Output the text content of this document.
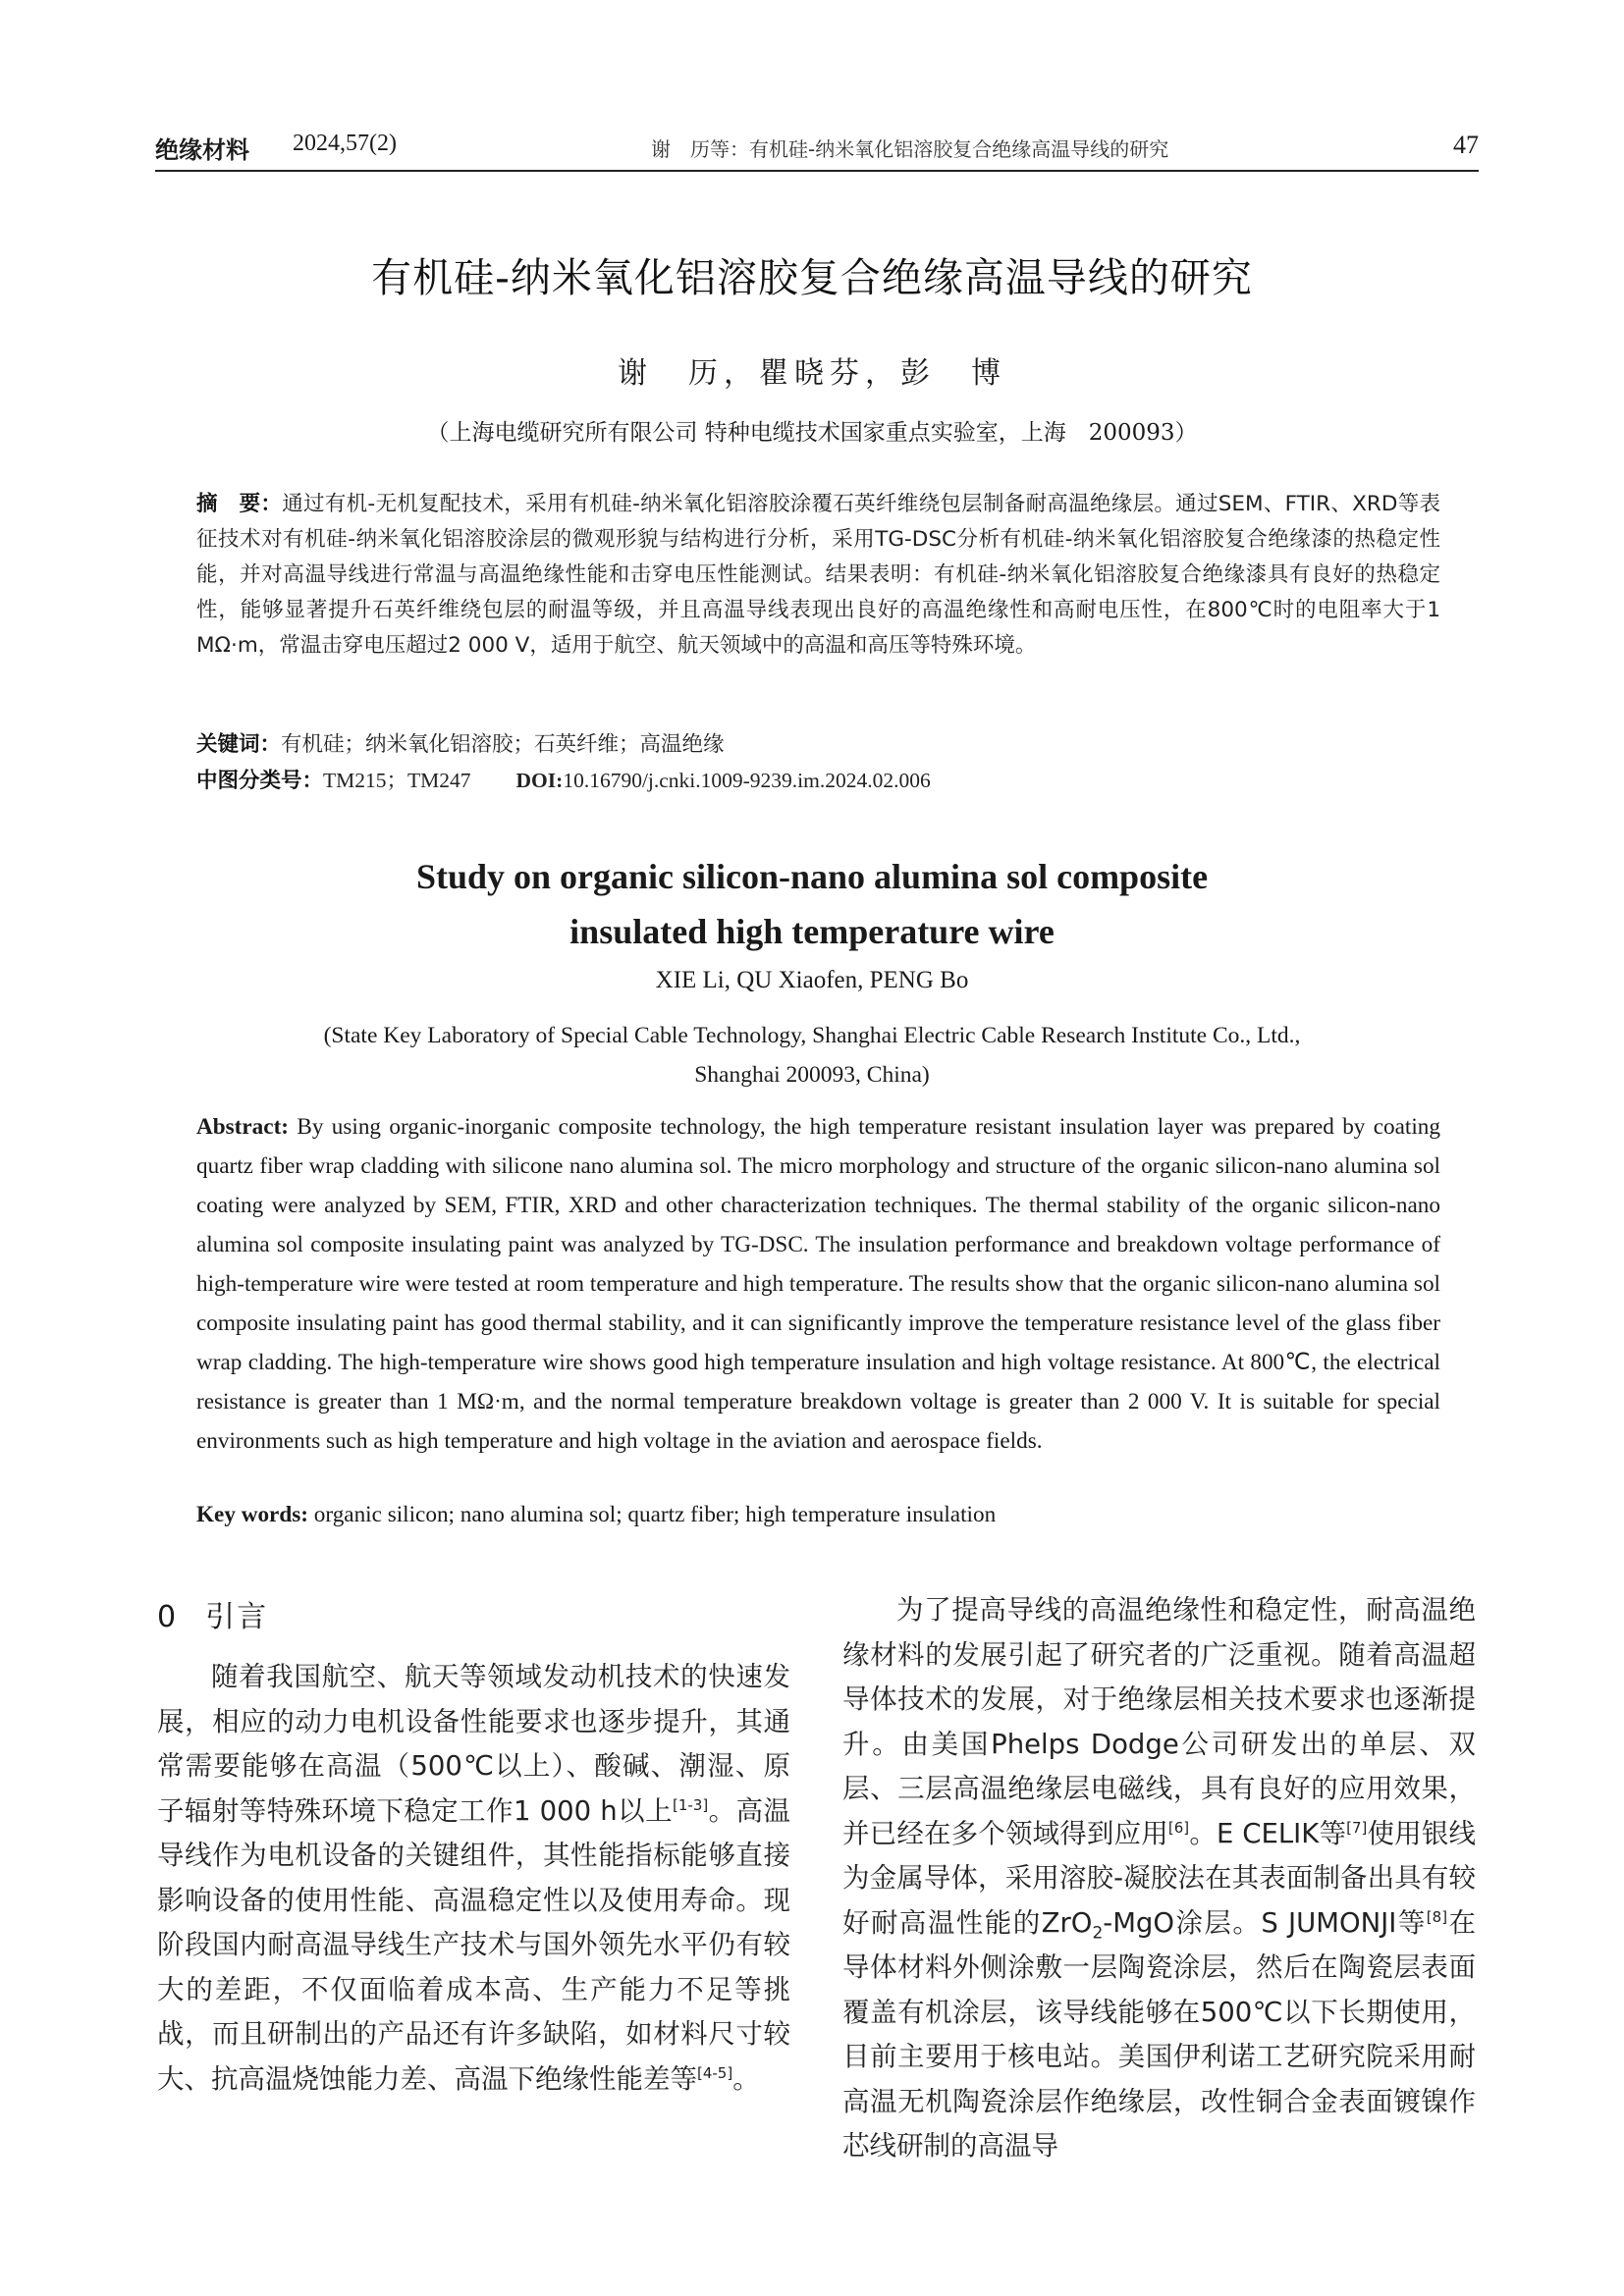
绝缘材料 2024,57(2)	谢　历等：有机硅-纳米氧化铝溶胶复合绝缘高温导线的研究	47
有机硅-纳米氧化铝溶胶复合绝缘高温导线的研究
谢　历，瞿晓芬，彭　博
（上海电缆研究所有限公司 特种电缆技术国家重点实验室，上海　200093）
摘　要：通过有机-无机复配技术，采用有机硅-纳米氧化铝溶胶涂覆石英纤维绕包层制备耐高温绝缘层。通过SEM、FTIR、XRD等表征技术对有机硅-纳米氧化铝溶胶涂层的微观形貌与结构进行分析，采用TG-DSC分析有机硅-纳米氧化铝溶胶复合绝缘漆的热稳定性能，并对高温导线进行常温与高温绝缘性能和击穿电压性能测试。结果表明：有机硅-纳米氧化铝溶胶复合绝缘漆具有良好的热稳定性，能够显著提升石英纤维绕包层的耐温等级，并且高温导线表现出良好的高温绝缘性和高耐电压性，在800℃时的电阻率大于1 MΩ·m，常温击穿电压超过2 000 V，适用于航空、航天领域中的高温和高压等特殊环境。
关键词：有机硅；纳米氧化铝溶胶；石英纤维；高温绝缘
中图分类号：TM215；TM247 DOI:10.16790/j.cnki.1009-9239.im.2024.02.006
Study on organic silicon-nano alumina sol composite
insulated high temperature wire
XIE Li, QU Xiaofen, PENG Bo
(State Key Laboratory of Special Cable Technology, Shanghai Electric Cable Research Institute Co., Ltd.,
Shanghai 200093, China)
Abstract: By using organic-inorganic composite technology, the high temperature resistant insulation layer was prepared by coating quartz fiber wrap cladding with silicone nano alumina sol. The micro morphology and structure of the organic silicon-nano alumina sol coating were analyzed by SEM, FTIR, XRD and other characterization techniques. The thermal stability of the organic silicon-nano alumina sol composite insulating paint was analyzed by TG-DSC. The insulation performance and breakdown voltage performance of high-temperature wire were tested at room temperature and high temperature. The results show that the organic silicon-nano alumina sol composite insulating paint has good thermal stability, and it can significantly improve the temperature resistance level of the glass fiber wrap cladding. The high-temperature wire shows good high temperature insulation and high voltage resistance. At 800℃, the electrical resistance is greater than 1 MΩ·m, and the normal temperature breakdown voltage is greater than 2 000 V. It is suitable for special environments such as high temperature and high voltage in the aviation and aerospace fields.
Key words: organic silicon; nano alumina sol; quartz fiber; high temperature insulation
0 引言

随着我国航空、航天等领域发动机技术的快速发展，相应的动力电机设备性能要求也逐步提升，其通常需要能够在高温（500℃以上）、酸碱、潮湿、原子辐射等特殊环境下稳定工作1 000 h以上[1-3]。高温导线作为电机设备的关键组件，其性能指标能够直接影响设备的使用性能、高温稳定性以及使用寿命。现阶段国内耐高温导线生产技术与国外领先水平仍有较大的差距，不仅面临着成本高、生产能力不足等挑战，而且研制出的产品还有许多缺陷，如材料尺寸较大、抗高温烧蚀能力差、高温下绝缘性能差等[4-5]。

为了提高导线的高温绝缘性和稳定性，耐高温绝缘材料的发展引起了研究者的广泛重视。随着高温超导体技术的发展，对于绝缘层相关技术要求也逐渐提升。由美国Phelps Dodge公司研发出的单层、双层、三层高温绝缘层电磁线，具有良好的应用效果，并已经在多个领域得到应用[6]。E CELIK等[7]使用银线为金属导体，采用溶胶-凝胶法在其表面制备出具有较好耐高温性能的ZrO$_2$-MgO涂层。S JUMONJI等[8]在导体材料外侧涂敷一层陶瓷涂层，然后在陶瓷层表面覆盖有机涂层，该导线能够在500℃以下长期使用，目前主要用于核电站。美国伊利诺工艺研究院采用耐高温无机陶瓷涂层作绝缘层，改性铜合金表面镀镍作芯线研制的高温导
